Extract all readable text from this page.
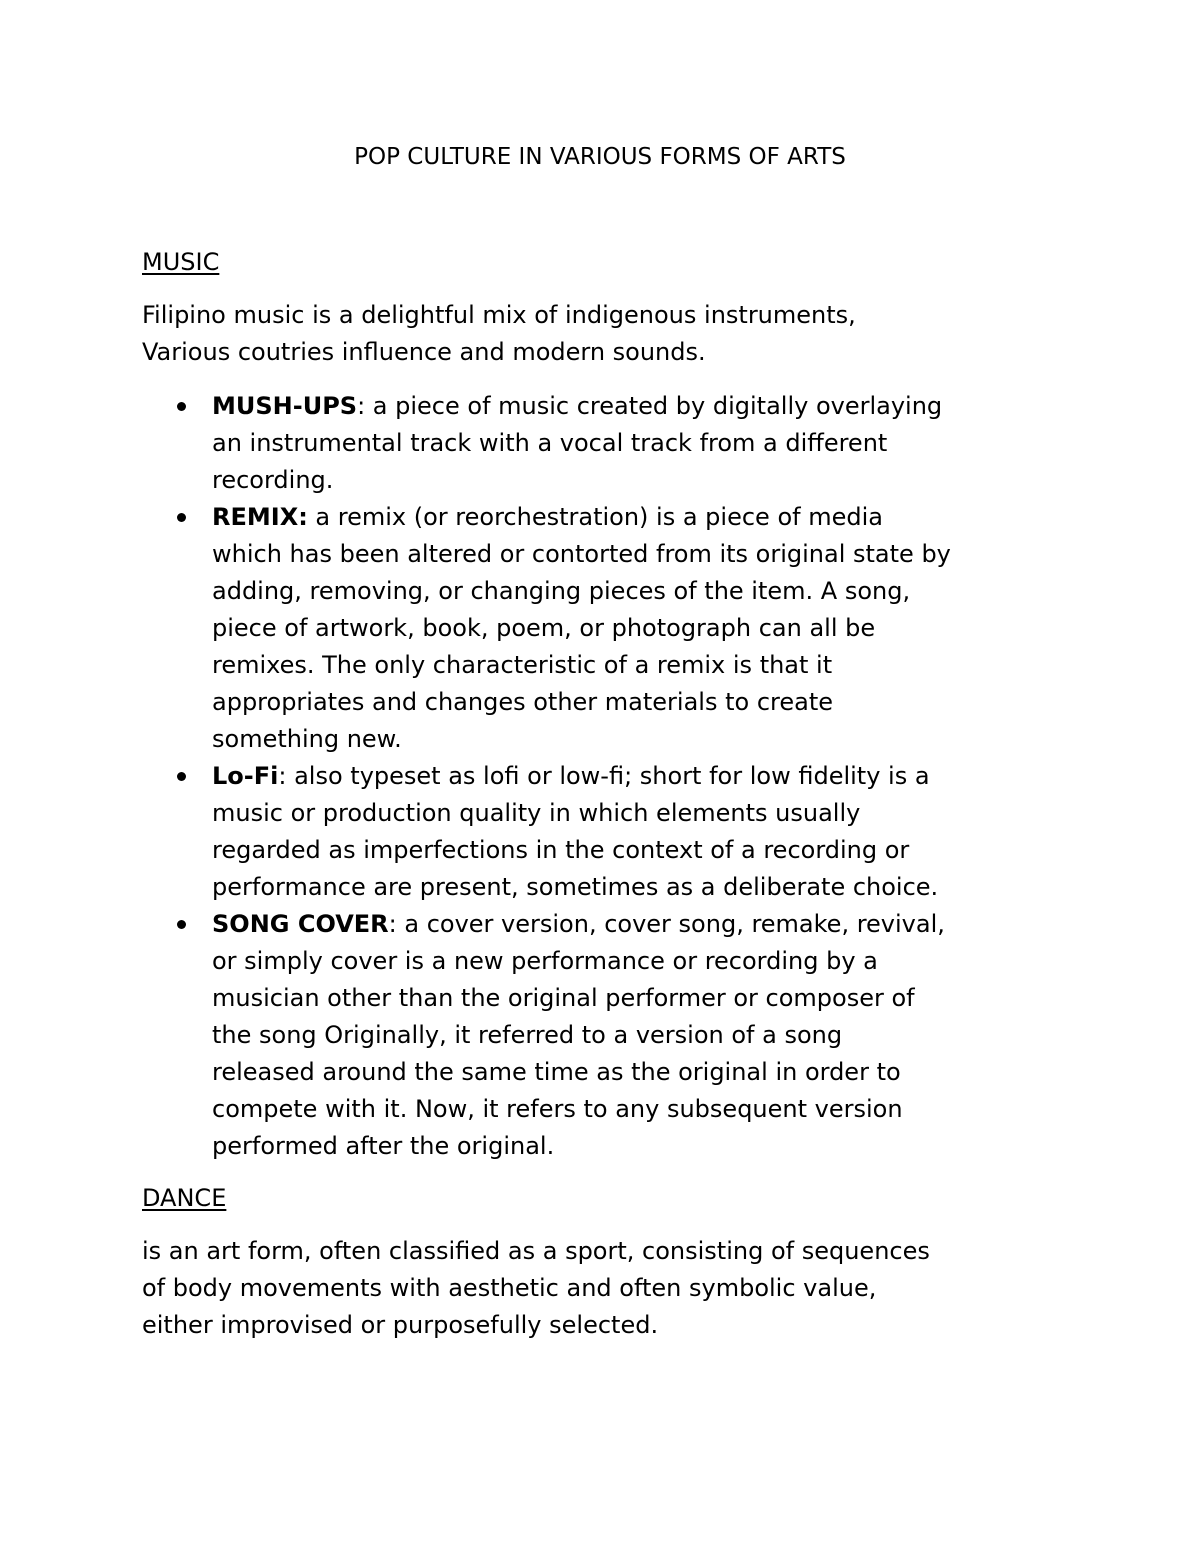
POP CULTURE IN VARIOUS FORMS OF ARTS
MUSIC

Filipino music is a delightful mix of indigenous instruments,
Various coutries influence and modern sounds.

MUSH-UPS: a piece of music created by digitally overlaying
an instrumental track with a vocal track from a different
recording.
REMIX: a remix (or reorchestration) is a piece of media
which has been altered or contorted from its original state by
adding, removing, or changing pieces of the item. A song,
piece of artwork, book, poem, or photograph can all be
remixes. The only characteristic of a remix is that it
appropriates and changes other materials to create
something new.
Lo-Fi: also typeset as lofi or low-fi; short for low fidelity is a
music or production quality in which elements usually
regarded as imperfections in the context of a recording or
performance are present, sometimes as a deliberate choice.
SONG COVER: a cover version, cover song, remake, revival,
or simply cover is a new performance or recording by a
musician other than the original performer or composer of
the song Originally, it referred to a version of a song
released around the same time as the original in order to
compete with it. Now, it refers to any subsequent version
performed after the original.
DANCE

is an art form, often classified as a sport, consisting of sequences
of body movements with aesthetic and often symbolic value,
either improvised or purposefully selected.
